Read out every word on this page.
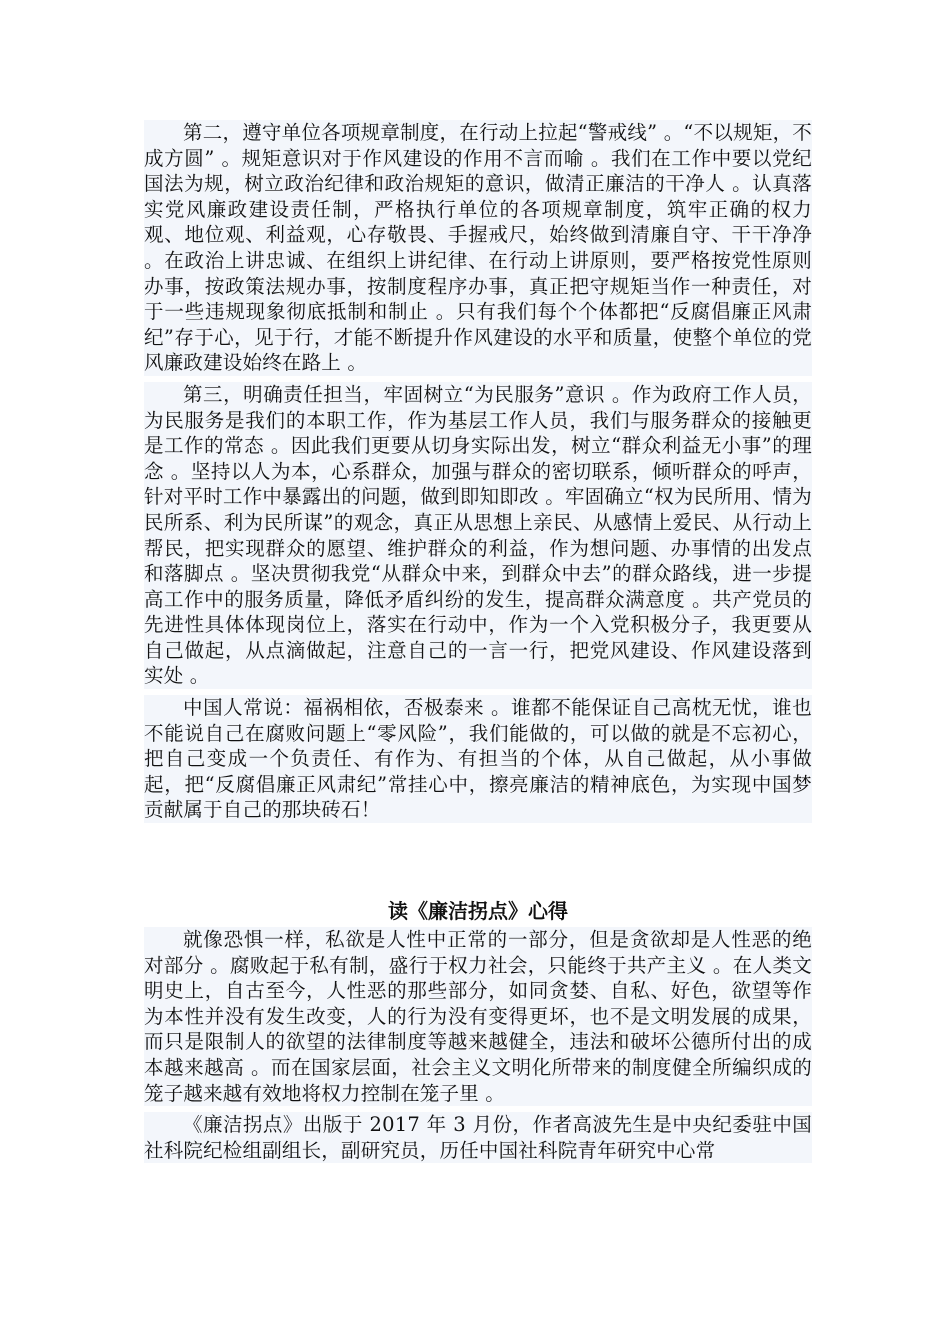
第二，遵守单位各项规章制度，在行动上拉起“警戒线” 。“不以规矩，不成方圆” 。规矩意识对于作风建设的作用不言而喻 。我们在工作中要以党纪国法为规，树立政治纪律和政治规矩的意识，做清正廉洁的干净人 。认真落实党风廉政建设责任制，严格执行单位的各项规章制度，筑牢正确的权力观、地位观、利益观，心存敬畏、手握戒尺，始终做到清廉自守、干干净净 。在政治上讲忠诚、在组织上讲纪律、在行动上讲原则，要严格按党性原则办事，按政策法规办事，按制度程序办事，真正把守规矩当作一种责任，对于一些违规现象彻底抵制和制止 。只有我们每个个体都把“反腐倡廉正风肃纪”存于心，见于行，才能不断提升作风建设的水平和质量，使整个单位的党风廉政建设始终在路上 。

第三，明确责任担当，牢固树立“为民服务”意识 。作为政府工作人员，为民服务是我们的本职工作，作为基层工作人员，我们与服务群众的接触更是工作的常态 。因此我们更要从切身实际出发，树立“群众利益无小事”的理念 。坚持以人为本，心系群众，加强与群众的密切联系，倾听群众的呼声，针对平时工作中暴露出的问题，做到即知即改 。牢固确立“权为民所用、情为民所系、利为民所谋”的观念，真正从思想上亲民、从感情上爱民、从行动上帮民，把实现群众的愿望、维护群众的利益，作为想问题、办事情的出发点和落脚点 。坚决贯彻我党“从群众中来，到群众中去”的群众路线，进一步提高工作中的服务质量，降低矛盾纠纷的发生，提高群众满意度 。共产党员的先进性具体体现岗位上，落实在行动中，作为一个入党积极分子，我更要从自己做起，从点滴做起，注意自己的一言一行，把党风建设、作风建设落到实处 。

中国人常说：福祸相依，否极泰来 。谁都不能保证自己高枕无忧，谁也不能说自己在腐败问题上“零风险”，我们能做的，可以做的就是不忘初心，把自己变成一个负责任、有作为、有担当的个体，从自己做起，从小事做起，把“反腐倡廉正风肃纪”常挂心中，擦亮廉洁的精神底色，为实现中国梦贡献属于自己的那块砖石！

读《廉洁拐点》心得

就像恐惧一样，私欲是人性中正常的一部分，但是贪欲却是人性恶的绝对部分 。腐败起于私有制，盛行于权力社会，只能终于共产主义 。在人类文明史上，自古至今，人性恶的那些部分，如同贪婪、自私、好色，欲望等作为本性并没有发生改变，人的行为没有变得更坏，也不是文明发展的成果，而只是限制人的欲望的法律制度等越来越健全，违法和破坏公德所付出的成本越来越高 。而在国家层面，社会主义文明化所带来的制度健全所编织成的笼子越来越有效地将权力控制在笼子里 。

《廉洁拐点》出版于 2017 年 3 月份，作者高波先生是中央纪委驻中国社科院纪检组副组长，副研究员，历任中国社科院青年研究中心常
